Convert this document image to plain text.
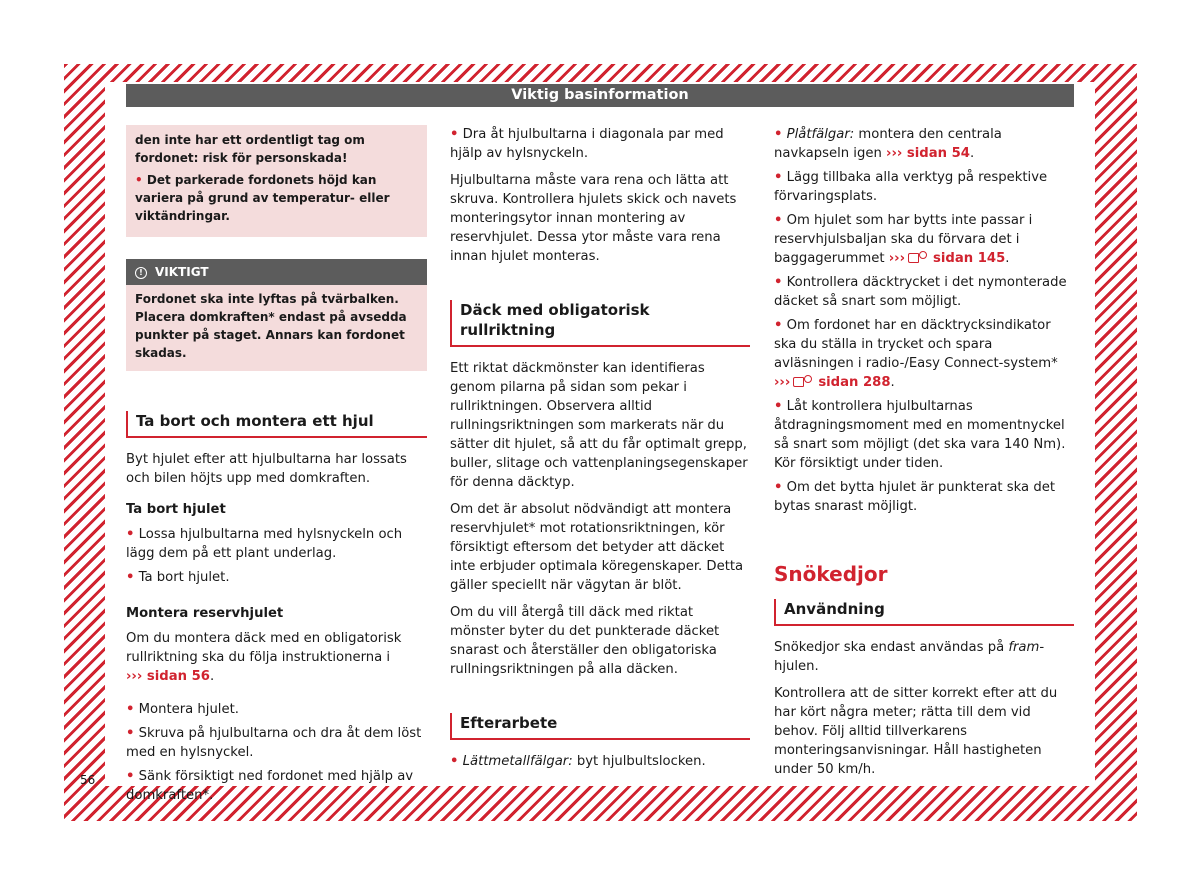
Viktig basinformation
den inte har ett ordentligt tag om fordonet: risk för personskada!
• Det parkerade fordonets höjd kan variera på grund av temperatur- eller viktändringar.
! VIKTIGT
Fordonet ska inte lyftas på tvärbalken. Placera domkraften* endast på avsedda punkter på staget. Annars kan fordonet skadas.
Ta bort och montera ett hjul

Byt hjulet efter att hjulbultarna har lossats och bilen höjts upp med domkraften.

Ta bort hjulet
• Lossa hjulbultarna med hylsnyckeln och lägg dem på ett plant underlag.
• Ta bort hjulet.
Montera reservhjulet

Om du montera däck med en obligatorisk rullriktning ska du följa instruktionerna i
››› sidan 56.

• Montera hjulet.
• Skruva på hjulbultarna och dra åt dem löst med en hylsnyckel.
• Sänk försiktigt ned fordonet med hjälp av domkraften*.
• Dra åt hjulbultarna i diagonala par med hjälp av hylsnyckeln.

Hjulbultarna måste vara rena och lätta att skruva. Kontrollera hjulets skick och navets monteringsytor innan montering av reservhjulet. Dessa ytor måste vara rena innan hjulet monteras.

Däck med obligatorisk rullriktning

Ett riktat däckmönster kan identifieras genom pilarna på sidan som pekar i rullriktningen. Observera alltid rullningsriktningen som markerats när du sätter dit hjulet, så att du får optimalt grepp, buller, slitage och vattenplaningsegenskaper för denna däcktyp.

Om det är absolut nödvändigt att montera reservhjulet* mot rotationsriktningen, kör försiktigt eftersom det betyder att däcket inte erbjuder optimala köregenskaper. Detta gäller speciellt när vägytan är blöt.

Om du vill återgå till däck med riktat mönster byter du det punkterade däcket snarast och återställer den obligatoriska rullningsriktningen på alla däcken.

Efterarbete
• Lättmetallfälgar: byt hjulbultslocken.
• Plåtfälgar: montera den centrala navkapseln igen ››› sidan 54.
• Lägg tillbaka alla verktyg på respektive förvaringsplats.
• Om hjulet som har bytts inte passar i reservhjulsbaljan ska du förvara det i baggagerummet ››› sidan 145.
• Kontrollera däcktrycket i det nymonterade däcket så snart som möjligt.
• Om fordonet har en däcktrycksindikator ska du ställa in trycket och spara avläsningen i radio-/Easy Connect-system* ››› sidan 288.
• Låt kontrollera hjulbultarnas åtdragningsmoment med en momentnyckel så snart som möjligt (det ska vara 140 Nm). Kör försiktigt under tiden.
• Om det bytta hjulet är punkterat ska det bytas snarast möjligt.
Snökedjor
Användning

Snökedjor ska endast användas på fram-hjulen.

Kontrollera att de sitter korrekt efter att du har kört några meter; rätta till dem vid behov. Följ alltid tillverkarens monteringsanvisningar. Håll hastigheten under 50 km/h.

56
